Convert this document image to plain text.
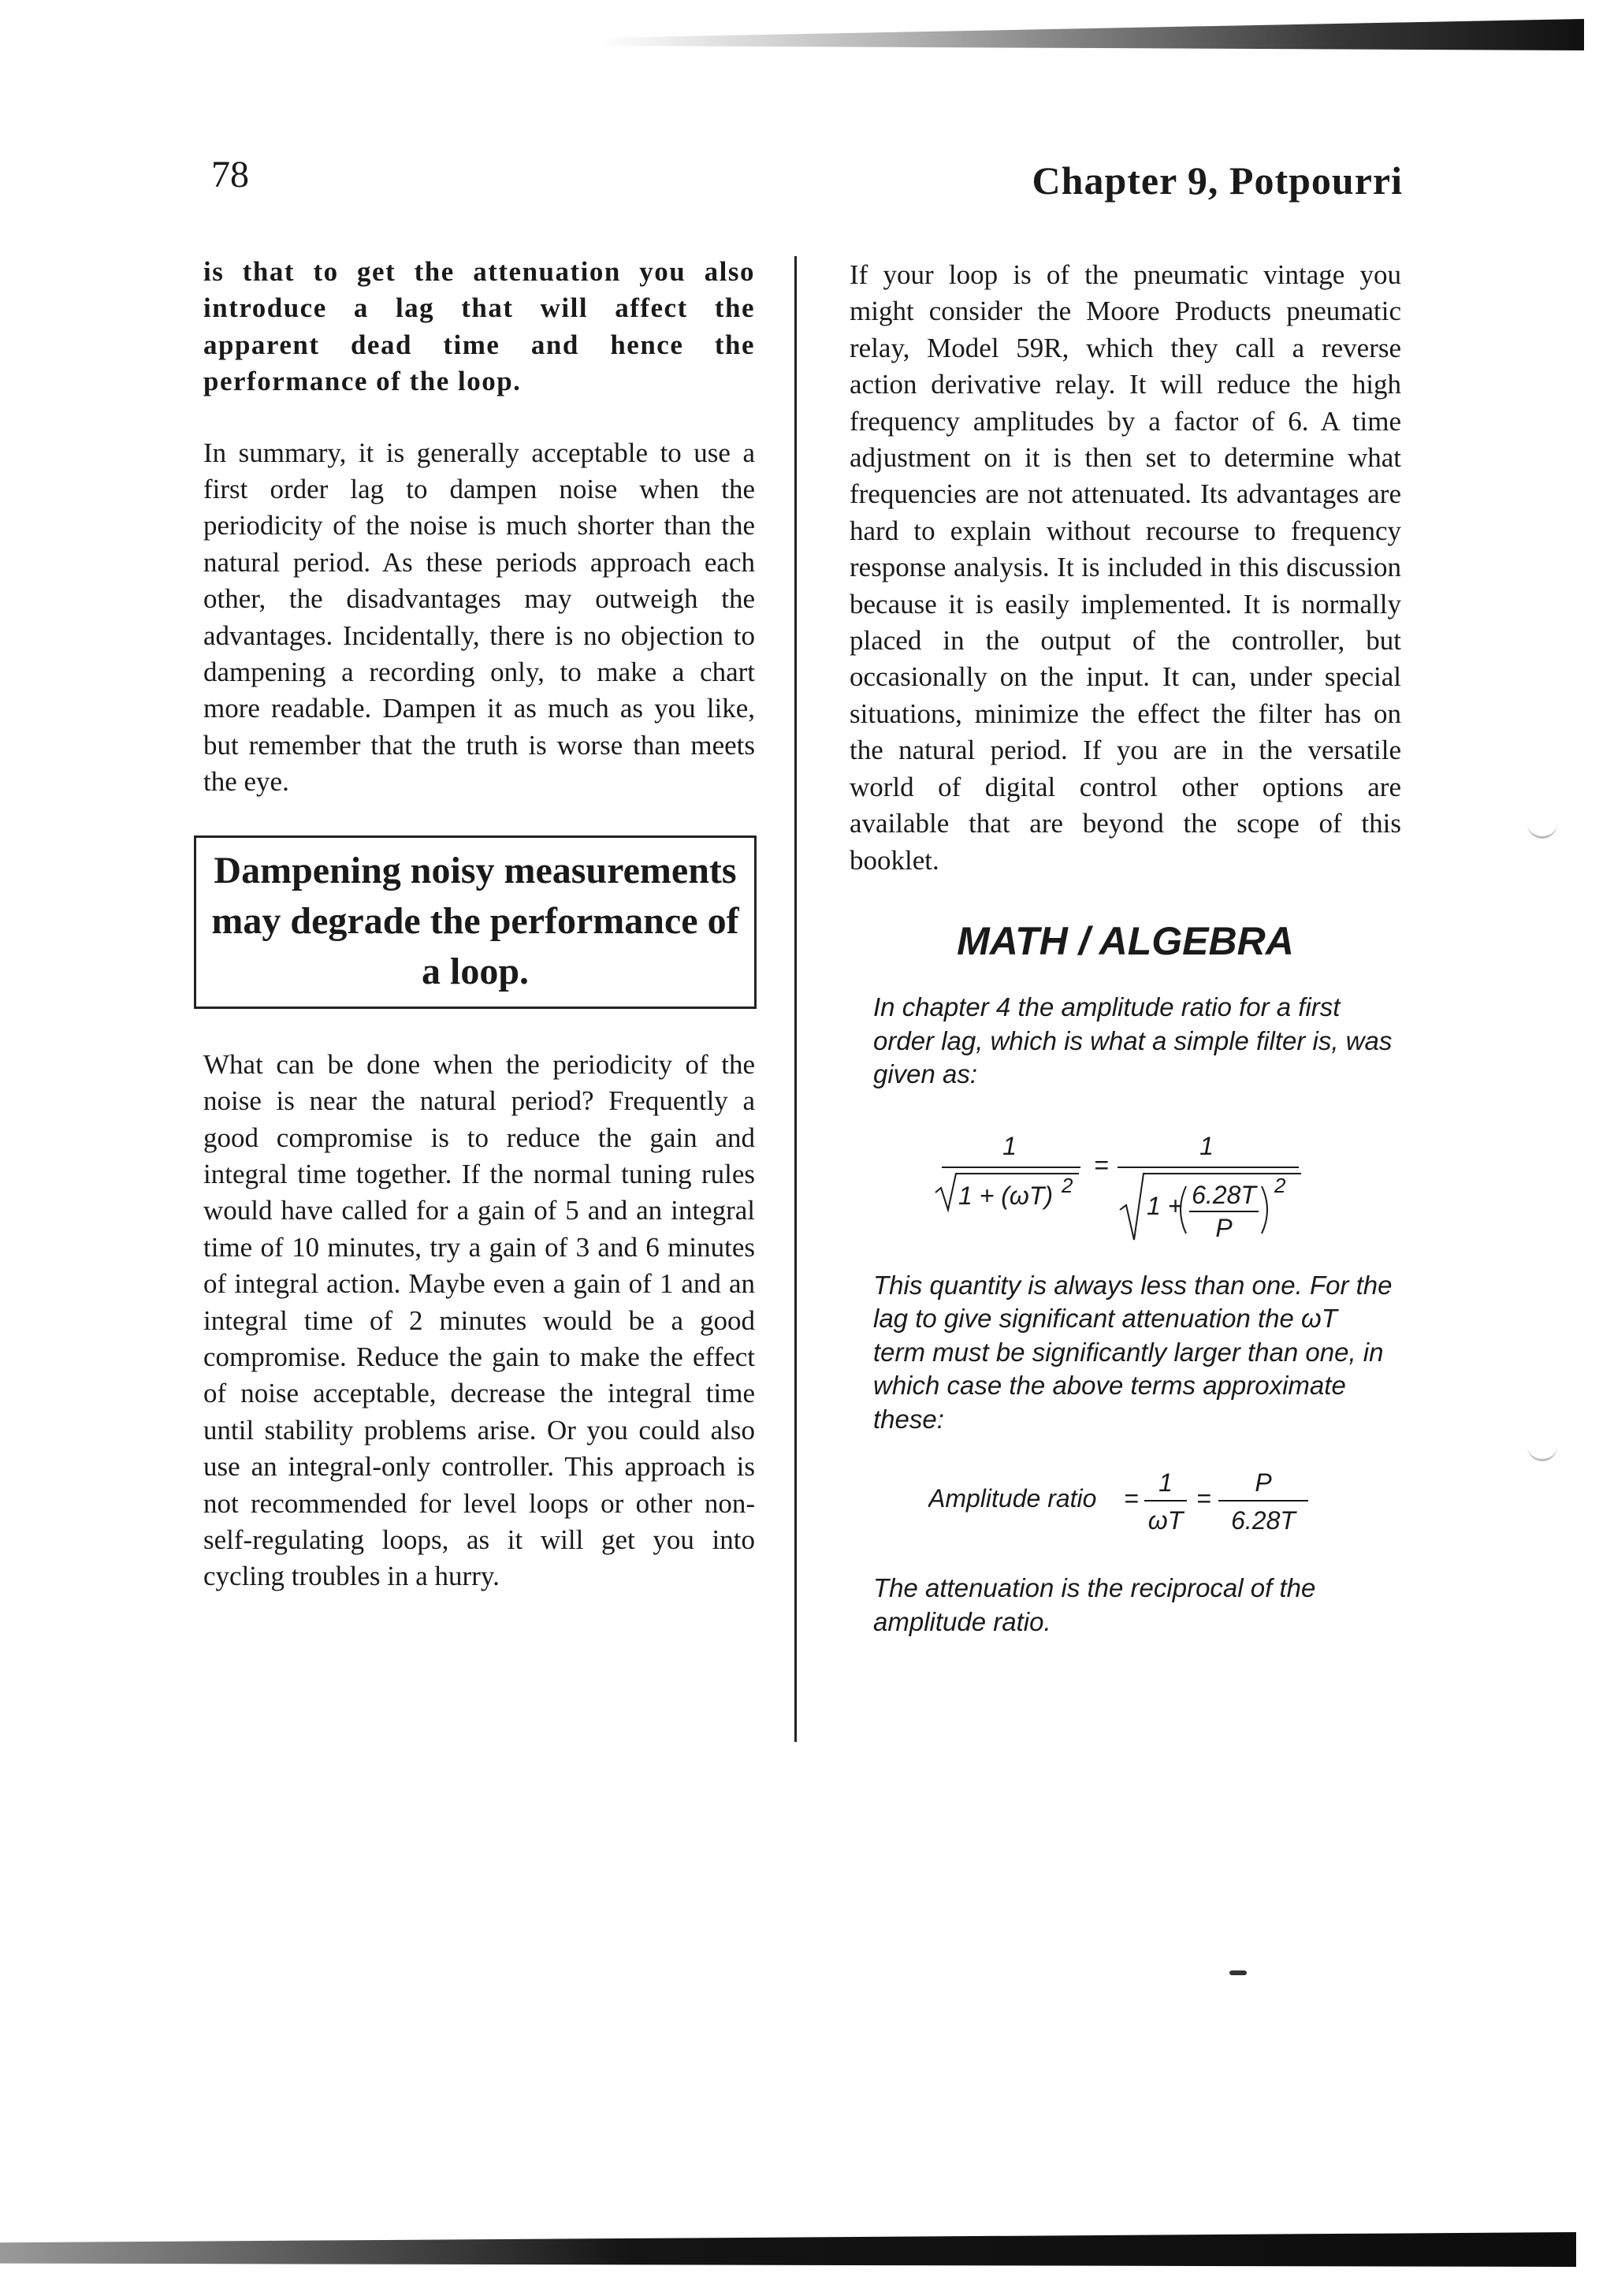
78	Chapter 9, Potpourri

is that to get the attenuation you also introduce a lag that will affect the apparent dead time and hence the performance of the loop.

In summary, it is generally acceptable to use a first order lag to dampen noise when the periodicity of the noise is much shorter than the natural period. As these periods approach each other, the disadvantages may outweigh the advantages. Incidentally, there is no objection to dampening a recording only, to make a chart more readable. Dampen it as much as you like, but remember that the truth is worse than meets the eye.

Dampening noisy measurements may degrade the performance of a loop.

What can be done when the periodicity of the noise is near the natural period? Frequently a good compromise is to reduce the gain and integral time together. If the normal tuning rules would have called for a gain of 5 and an integral time of 10 minutes, try a gain of 3 and 6 minutes of integral action. Maybe even a gain of 1 and an integral time of 2 minutes would be a good compromise. Reduce the gain to make the effect of noise acceptable, decrease the integral time until stability problems arise. Or you could also use an integral-only controller. This approach is not recommended for level loops or other non-self-regulating loops, as it will get you into cycling troubles in a hurry.

If your loop is of the pneumatic vintage you might consider the Moore Products pneumatic relay, Model 59R, which they call a reverse action derivative relay. It will reduce the high frequency amplitudes by a factor of 6. A time adjustment on it is then set to determine what frequencies are not attenuated. Its advantages are hard to explain without recourse to frequency response analysis. It is included in this discussion because it is easily implemented. It is normally placed in the output of the controller, but occasionally on the input. It can, under special situations, minimize the effect the filter has on the natural period. If you are in the versatile world of digital control other options are available that are beyond the scope of this booklet.

MATH / ALGEBRA
In chapter 4 the amplitude ratio for a first order lag, which is what a simple filter is, was given as:
1
1 + (ωT) 2
=
1
1 + 6.28T
P
2
This quantity is always less than one. For the lag to give significant attenuation the ωT term must be significantly larger than one, in which case the above terms approximate these:
Amplitude ratio =
1
ωT
=
P
6.28T
The attenuation is the reciprocal of the amplitude ratio.
